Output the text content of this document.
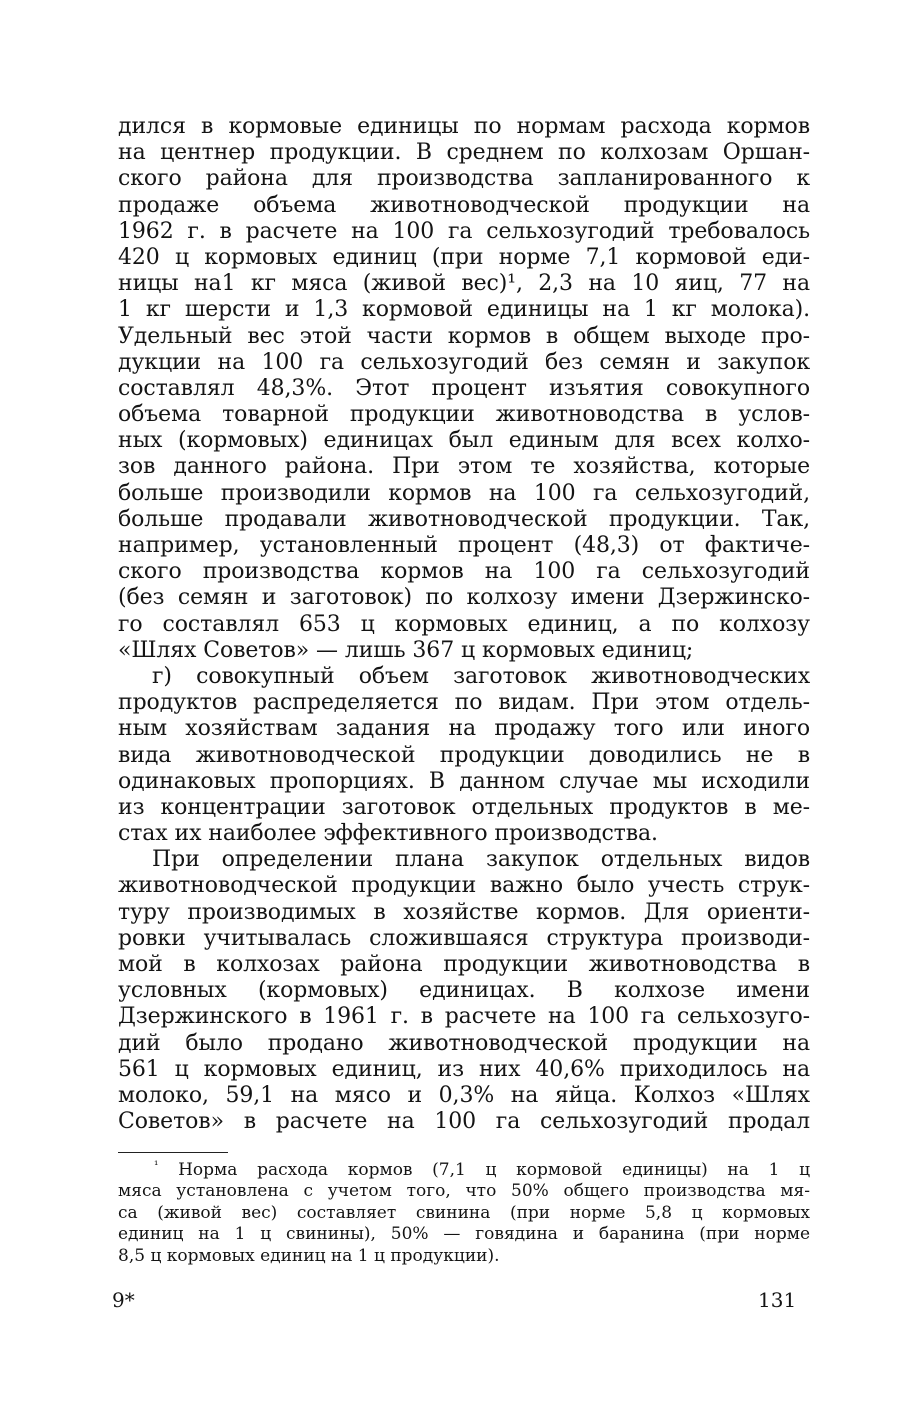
дился в кормовые единицы по нормам расхода кормов
на центнер продукции. В среднем по колхозам Оршан-
ского района для производства запланированного к
продаже объема животноводческой продукции на
1962 г. в расчете на 100 га сельхозугодий требовалось
420 ц кормовых единиц (при норме 7,1 кормовой еди-
ницы на1 кг мяса (живой вес)¹, 2,3 на 10 яиц, 77 на
1 кг шерсти и 1,3 кормовой единицы на 1 кг молока).
Удельный вес этой части кормов в общем выходе про-
дукции на 100 га сельхозугодий без семян и закупок
составлял 48,3%. Этот процент изъятия совокупного
объема товарной продукции животноводства в услов-
ных (кормовых) единицах был единым для всех колхо-
зов данного района. При этом те хозяйства, которые
больше производили кормов на 100 га сельхозугодий,
больше продавали животноводческой продукции. Так,
например, установленный процент (48,3) от фактиче-
ского производства кормов на 100 га сельхозугодий
(без семян и заготовок) по колхозу имени Дзержинско-
го составлял 653 ц кормовых единиц, а по колхозу
«Шлях Советов» — лишь 367 ц кормовых единиц;
г) совокупный объем заготовок животноводческих
продуктов распределяется по видам. При этом отдель-
ным хозяйствам задания на продажу того или иного
вида животноводческой продукции доводились не в
одинаковых пропорциях. В данном случае мы исходили
из концентрации заготовок отдельных продуктов в ме-
стах их наиболее эффективного производства.
При определении плана закупок отдельных видов
животноводческой продукции важно было учесть струк-
туру производимых в хозяйстве кормов. Для ориенти-
ровки учитывалась сложившаяся структура производи-
мой в колхозах района продукции животноводства в
условных (кормовых) единицах. В колхозе имени
Дзержинского в 1961 г. в расчете на 100 га сельхозуго-
дий было продано животноводческой продукции на
561 ц кормовых единиц, из них 40,6% приходилось на
молоко, 59,1 на мясо и 0,3% на яйца. Колхоз «Шлях
Советов» в расчете на 100 га сельхозугодий продал
$^{^1}$ Норма расхода кормов (7,1 ц кормовой единицы) на 1 ц
мяса установлена с учетом того, что 50% общего производства мя-
са (живой вес) составляет свинина (при норме 5,8 ц кормовых
единиц на 1 ц свинины), 50% — говядина и баранина (при норме
8,5 ц кормовых единиц на 1 ц продукции).
9*	131
